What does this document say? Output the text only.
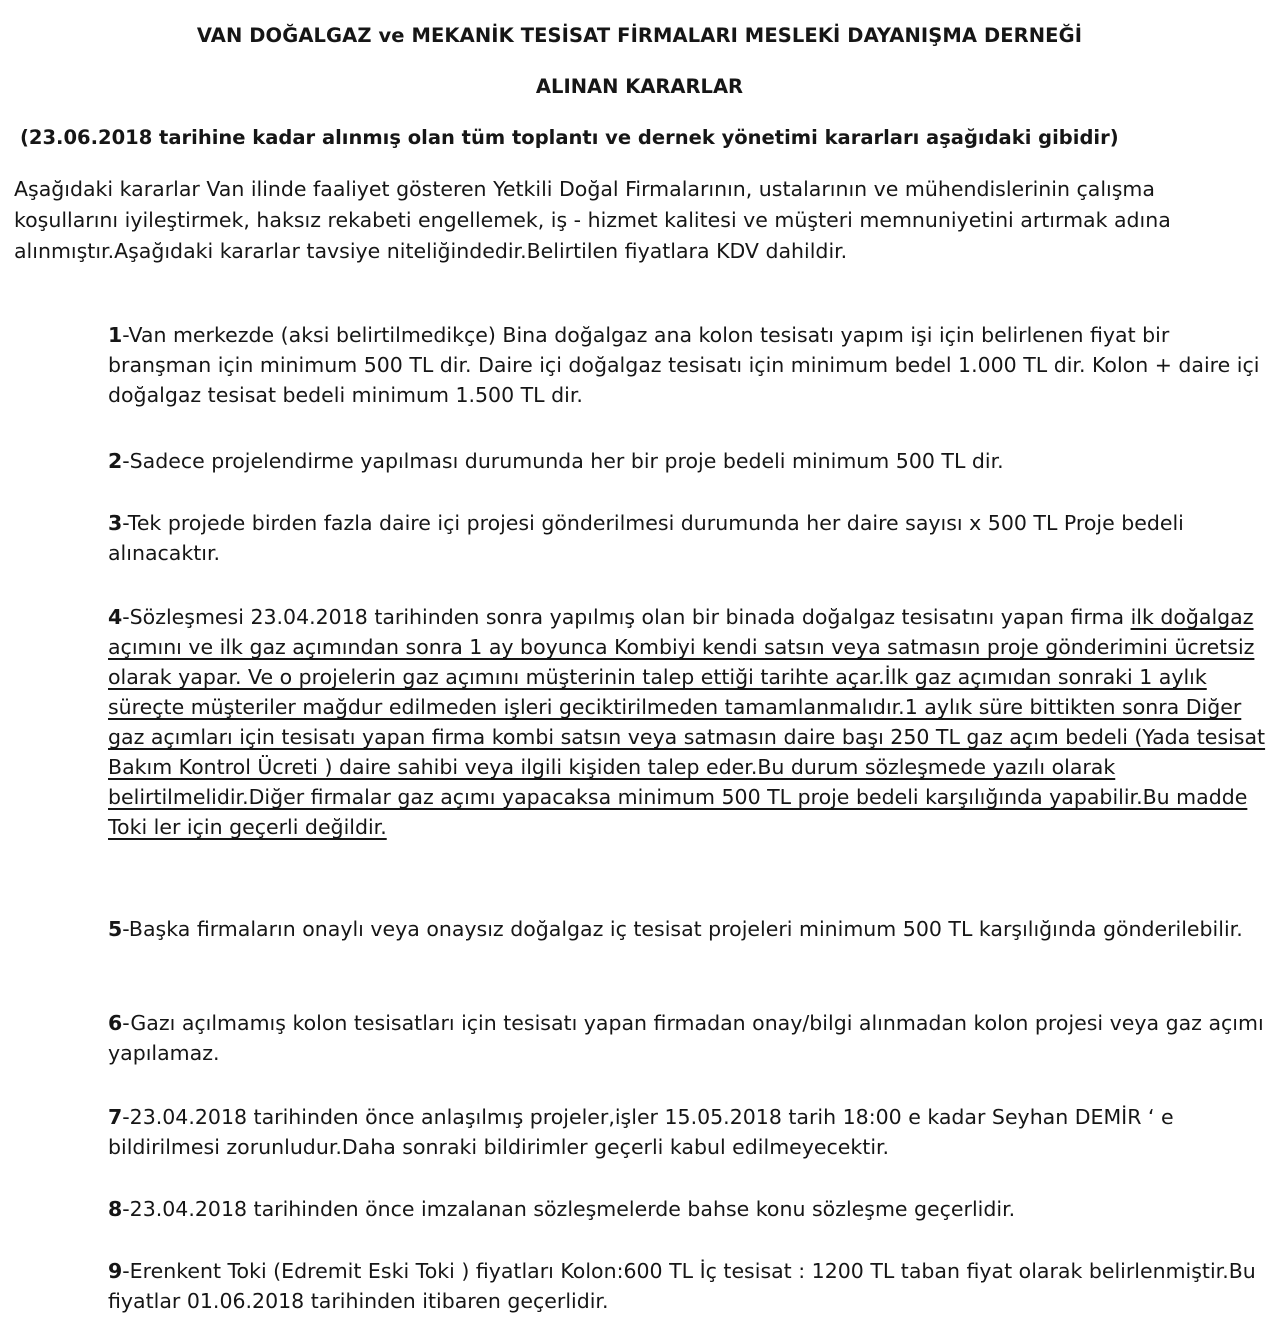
VAN DOĞALGAZ ve MEKANİK TESİSAT FİRMALARI MESLEKİ DAYANIŞMA DERNEĞİ
ALINAN KARARLAR
(23.06.2018 tarihine kadar alınmış olan tüm toplantı ve dernek yönetimi kararları aşağıdaki gibidir)
Aşağıdaki kararlar Van ilinde faaliyet gösteren Yetkili Doğal Firmalarının, ustalarının ve mühendislerinin çalışma koşullarını iyileştirmek, haksız rekabeti engellemek, iş - hizmet kalitesi ve müşteri memnuniyetini artırmak adına alınmıştır.Aşağıdaki kararlar tavsiye niteliğindedir.Belirtilen fiyatlara KDV dahildir.
1-Van merkezde (aksi belirtilmedikçe) Bina doğalgaz ana kolon tesisatı yapım işi için belirlenen fiyat bir branşman için minimum 500 TL dir. Daire içi doğalgaz tesisatı için minimum bedel 1.000 TL dir. Kolon + daire içi doğalgaz tesisat bedeli minimum 1.500 TL dir.
2-Sadece projelendirme yapılması durumunda her bir proje bedeli minimum 500 TL dir.
3-Tek projede birden fazla daire içi projesi gönderilmesi durumunda her daire sayısı x 500 TL Proje bedeli alınacaktır.
4-Sözleşmesi 23.04.2018 tarihinden sonra yapılmış olan bir binada doğalgaz tesisatını yapan firma ilk doğalgaz açımını ve ilk gaz açımından sonra 1 ay boyunca Kombiyi kendi satsın veya satmasın proje gönderimini ücretsiz olarak yapar. Ve o projelerin gaz açımını müşterinin talep ettiği tarihte açar.İlk gaz açımıdan sonraki 1 aylık süreçte müşteriler mağdur edilmeden işleri geciktirilmeden tamamlanmalıdır.1 aylık süre bittikten sonra Diğer gaz açımları için tesisatı yapan firma kombi satsın veya satmasın daire başı 250 TL gaz açım bedeli (Yada tesisat Bakım Kontrol Ücreti ) daire sahibi veya ilgili kişiden talep eder.Bu durum sözleşmede yazılı olarak belirtilmelidir.Diğer firmalar gaz açımı yapacaksa minimum 500 TL proje bedeli karşılığında yapabilir.Bu madde Toki ler için geçerli değildir.
5-Başka firmaların onaylı veya onaysız doğalgaz iç tesisat projeleri minimum 500 TL karşılığında gönderilebilir.
6-Gazı açılmamış kolon tesisatları için tesisatı yapan firmadan onay/bilgi alınmadan kolon projesi veya gaz açımı yapılamaz.
7-23.04.2018 tarihinden önce anlaşılmış projeler,işler 15.05.2018 tarih 18:00 e kadar Seyhan DEMİR ‘ e bildirilmesi zorunludur.Daha sonraki bildirimler geçerli kabul edilmeyecektir.
8-23.04.2018 tarihinden önce imzalanan sözleşmelerde bahse konu sözleşme geçerlidir.
9-Erenkent Toki (Edremit Eski Toki ) fiyatları Kolon:600 TL İç tesisat : 1200 TL taban fiyat olarak belirlenmiştir.Bu fiyatlar 01.06.2018 tarihinden itibaren geçerlidir.
